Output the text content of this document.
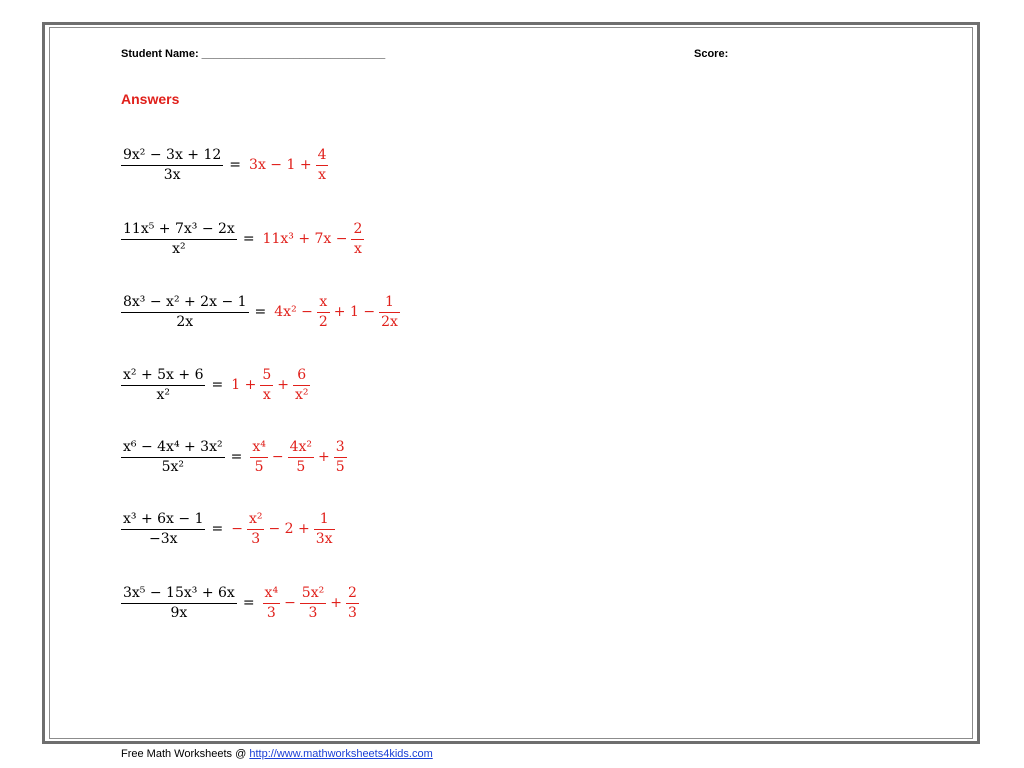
Student Name: ______________________________	Score:
Answers
$\frac{\text{9x² − 3x + 12}}{3x} = 3x - 1 + \frac{4}{x}$
$\frac{\text{11x⁵ + 7x³ − 2x}}{\text{x²}} = 11x^3 + 7x - \frac{2}{x}$
$\frac{\text{8x³ − x² + 2x − 1}}{2x} = 4x^2 - \frac{x}{2} + 1 - \frac{1}{2x}$
$\frac{\text{x² + 5x + 6}}{\text{x²}} = 1 + \frac{5}{x} + \frac{6}{\text{x²}}$
$\frac{\text{x⁶ − 4x⁴ + 3x²}}{\text{5x²}} = \frac{\text{x⁴}}{5} - \frac{\text{4x²}}{5} + \frac{3}{5}$
$\frac{\text{x³ + 6x − 1}}{-3x}$ = − $\frac{\text{x²}}{3} - 2 + \frac{1}{3x}$
$\frac{\text{3x⁵ − 15x³ + 6x}}{9x} = \frac{\text{x⁴}}{3} - \frac{\text{5x²}}{3} + \frac{2}{3}$
Free Math Worksheets @ http://www.mathworksheets4kids.com
